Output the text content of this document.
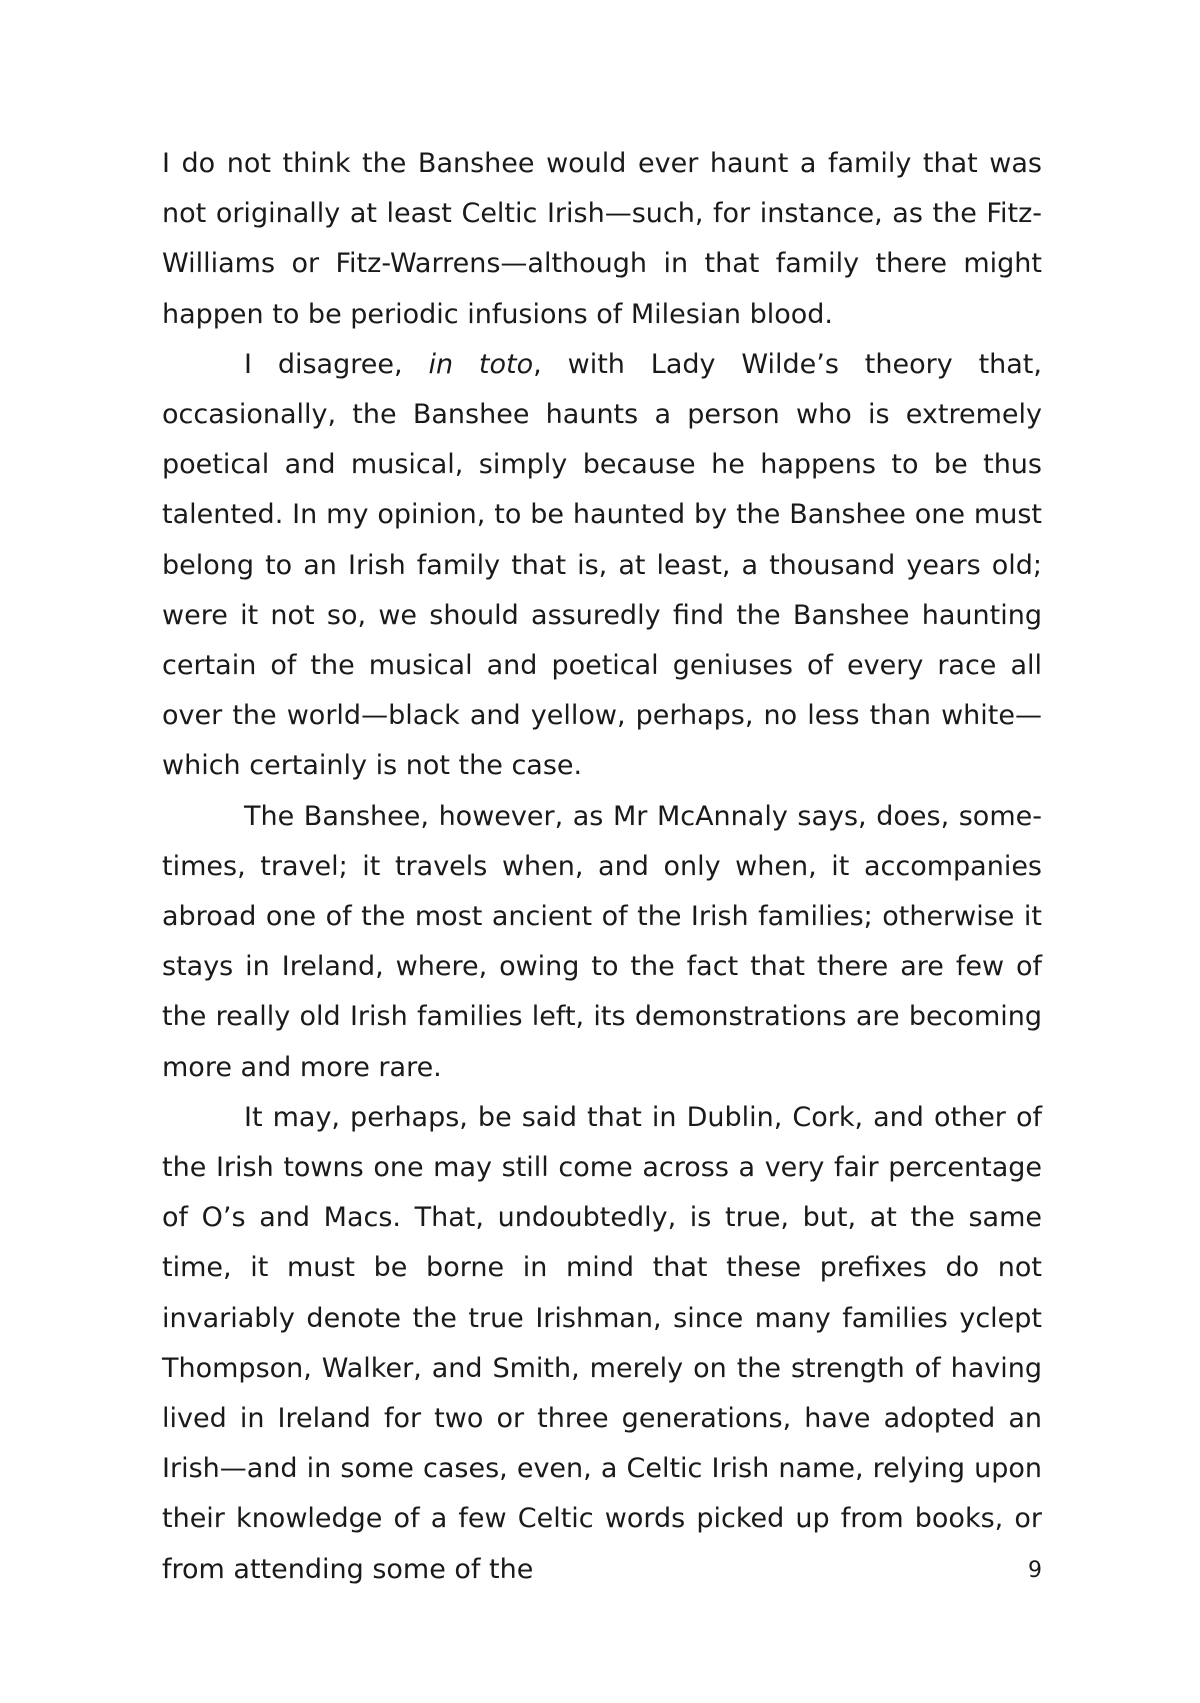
I do not think the Banshee would ever haunt a family that was not originally at least Celtic Irish—such, for instance, as the Fitz-Williams or Fitz-Warrens—although in that family there might happen to be periodic infusions of Milesian blood.

I disagree, in toto, with Lady Wilde’s theory that, occasionally, the Banshee haunts a person who is extremely poetical and musical, simply because he happens to be thus talented. In my opinion, to be haunted by the Banshee one must belong to an Irish family that is, at least, a thousand years old; were it not so, we should assuredly find the Banshee haunting certain of the musical and poetical geniuses of every race all over the world—black and yellow, perhaps, no less than white—which certainly is not the case.

The Banshee, however, as Mr McAnnaly says, does, sometimes, travel; it travels when, and only when, it accompanies abroad one of the most ancient of the Irish families; otherwise it stays in Ireland, where, owing to the fact that there are few of the really old Irish families left, its demonstrations are becoming more and more rare.

It may, perhaps, be said that in Dublin, Cork, and other of the Irish towns one may still come across a very fair percentage of O’s and Macs. That, undoubtedly, is true, but, at the same time, it must be borne in mind that these prefixes do not invariably denote the true Irishman, since many families yclept Thompson, Walker, and Smith, merely on the strength of having lived in Ireland for two or three generations, have adopted an Irish—and in some cases, even, a Celtic Irish name, relying upon their knowledge of a few Celtic words picked up from books, or from attending some of the	9
